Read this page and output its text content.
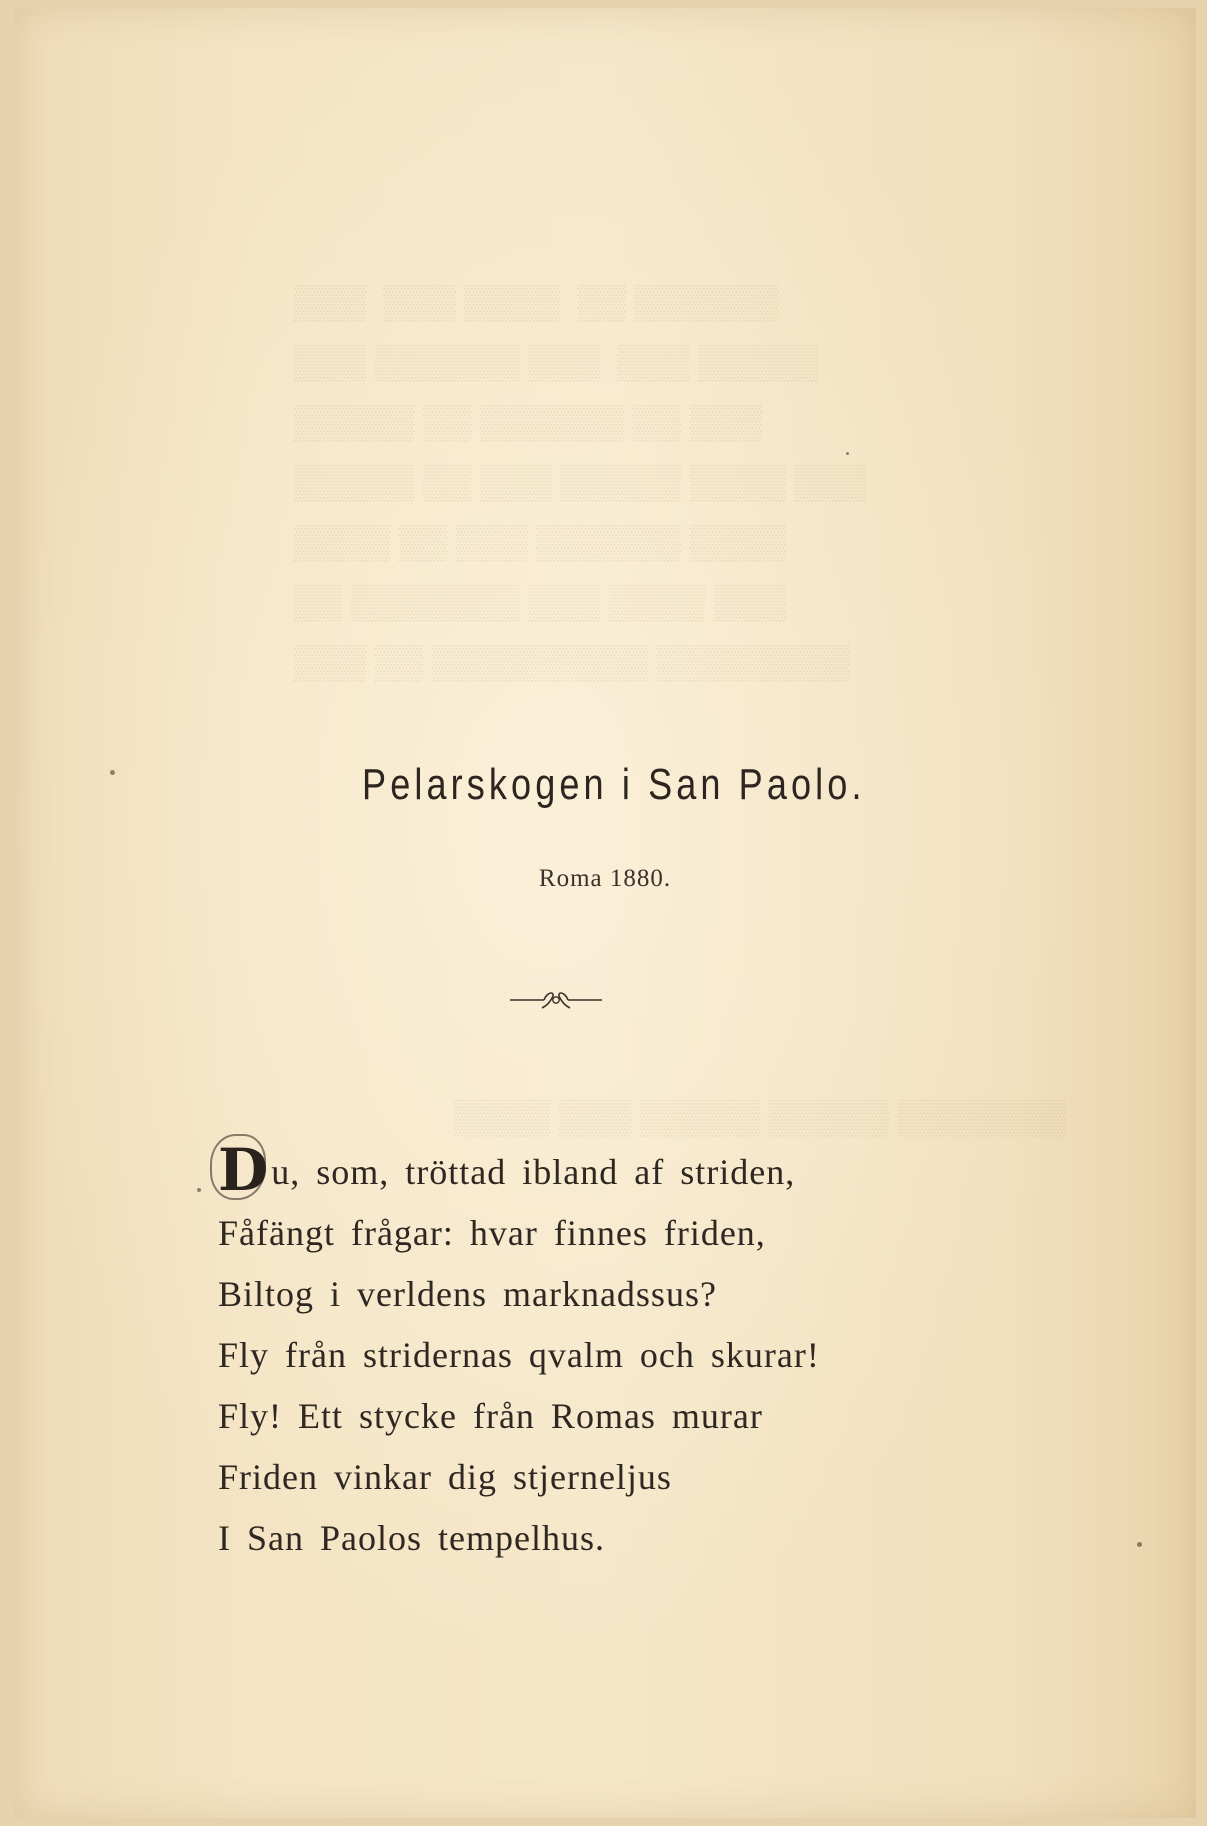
▒▒▒  ▒▒▒ ▒▒▒▒  ▒▒ ▒▒▒▒▒▒
▒▒▒ ▒▒▒▒▒▒ ▒▒▒  ▒▒▒ ▒▒▒▒▒
▒▒▒▒▒ ▒▒ ▒▒▒▒▒▒ ▒▒ ▒▒▒
▒▒▒▒▒ ▒▒ ▒▒▒ ▒▒▒▒▒ ▒▒▒▒ ▒▒▒
▒▒▒▒ ▒▒ ▒▒▒ ▒▒▒▒▒▒ ▒▒▒▒
▒▒ ▒▒▒▒▒▒▒ ▒▒▒ ▒▒▒▒ ▒▒▒
▒▒▒ ▒▒ ▒▒▒▒▒▒▒▒▒ ▒▒▒▒▒▒▒▒
▒▒▒▒ ▒▒▒ ▒▒▒▒▒ ▒▒▒▒▒ ▒▒▒▒▒▒▒
Pelarskogen i San Paolo.
Roma 1880.
Du, som, tröttad ibland af striden,
Fåfängt frågar: hvar finnes friden,
Biltog i verldens marknadssus?
Fly från stridernas qvalm och skurar!
Fly! Ett stycke från Romas murar
Friden vinkar dig stjerneljus
I San Paolos tempelhus.
